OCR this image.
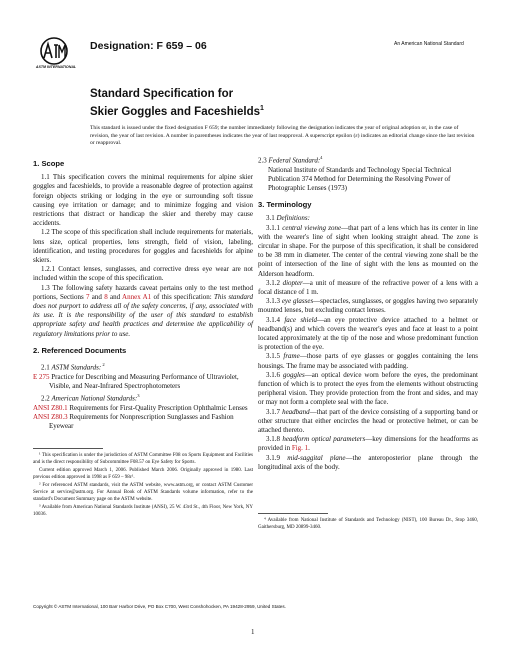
ASTM INTERNATIONAL
Designation: F 659 – 06	An American National Standard
Standard Specification for
Skier Goggles and Faceshields$^1$
This standard is issued under the fixed designation F 659; the number immediately following the designation indicates the year of original adoption or, in the case of revision, the year of last revision. A number in parentheses indicates the year of last reapproval. A superscript epsilon (ε) indicates an editorial change since the last revision or reapproval.
1. Scope

1.1 This specification covers the minimal requirements for alpine skier goggles and faceshields, to provide a reasonable degree of protection against foreign objects striking or lodging in the eye or surrounding soft tissue causing eye irritation or damage; and to minimize fogging and vision restrictions that distract or handicap the skier and thereby may cause accidents.

1.2 The scope of this specification shall include requirements for materials, lens size, optical properties, lens strength, field of vision, labeling, identification, and testing procedures for goggles and faceshields for alpine skiers.

1.2.1 Contact lenses, sunglasses, and corrective dress eye wear are not included within the scope of this specification.

1.3 The following safety hazards caveat pertains only to the test method portions, Sections 7 and 8 and Annex A1 of this specification: This standard does not purport to address all of the safety concerns, if any, associated with its use. It is the responsibility of the user of this standard to establish appropriate safety and health practices and determine the applicability of regulatory limitations prior to use.

2. Referenced Documents

2.1 ASTM Standards: $^2$

E 275 Practice for Describing and Measuring Performance of Ultraviolet, Visible, and Near-Infrared Spectrophotometers

2.2 American National Standards:$^3$

ANSI Z80.1 Requirements for First-Quality Prescription Ophthalmic Lenses

ANSI Z80.3 Requirements for Nonprescription Sunglasses and Fashion Eyewear

¹ This specification is under the jurisdiction of ASTM Committee F08 on Sports Equipment and Facilities and is the direct responsibility of Subcommittee F08.57 on Eye Safety for Sports.

Current edition approved March 1, 2006. Published March 2006. Originally approved in 1980. Last previous edition approved in 1998 as F 659 – 98ε¹.

² For referenced ASTM standards, visit the ASTM website, www.astm.org, or contact ASTM Customer Service at service@astm.org. For Annual Book of ASTM Standards volume information, refer to the standard's Document Summary page on the ASTM website.

³ Available from American National Standards Institute (ANSI), 25 W. 43rd St., 4th Floor, New York, NY 10036.

2.3 Federal Standard:$^4$

National Institute of Standards and Technology Special Technical Publication 374 Method for Determining the Resolving Power of Photographic Lenses (1973)

3. Terminology

3.1 Definitions:

3.1.1 central viewing zone—that part of a lens which has its center in line with the wearer's line of sight when looking straight ahead. The zone is circular in shape. For the purpose of this specification, it shall be considered to be 38 mm in diameter. The center of the central viewing zone shall be the point of intersection of the line of sight with the lens as mounted on the Alderson headform.

3.1.2 diopter—a unit of measure of the refractive power of a lens with a focal distance of 1 m.

3.1.3 eye glasses—spectacles, sunglasses, or goggles having two separately mounted lenses, but excluding contact lenses.

3.1.4 face shield—an eye protective device attached to a helmet or headband(s) and which covers the wearer's eyes and face at least to a point located approximately at the tip of the nose and whose predominant function is protection of the eye.

3.1.5 frame—those parts of eye glasses or goggles containing the lens housings. The frame may be associated with padding.

3.1.6 goggles—an optical device worn before the eyes, the predominant function of which is to protect the eyes from the elements without obstructing peripheral vision. They provide protection from the front and sides, and may or may not form a complete seal with the face.

3.1.7 headband—that part of the device consisting of a supporting band or other structure that either encircles the head or protective helmet, or can be attached thereto.

3.1.8 headform optical parameters—key dimensions for the headforms as provided in Fig. 1.

3.1.9 mid-saggital plane—the anteroposterior plane through the longitudinal axis of the body.

⁴ Available from National Institute of Standards and Technology (NIST), 100 Bureau Dr., Stop 3460, Gaithersburg, MD 20899-3460.

Copyright © ASTM International, 100 Barr Harbor Drive, PO Box C700, West Conshohocken, PA 19428-2959, United States.
1
